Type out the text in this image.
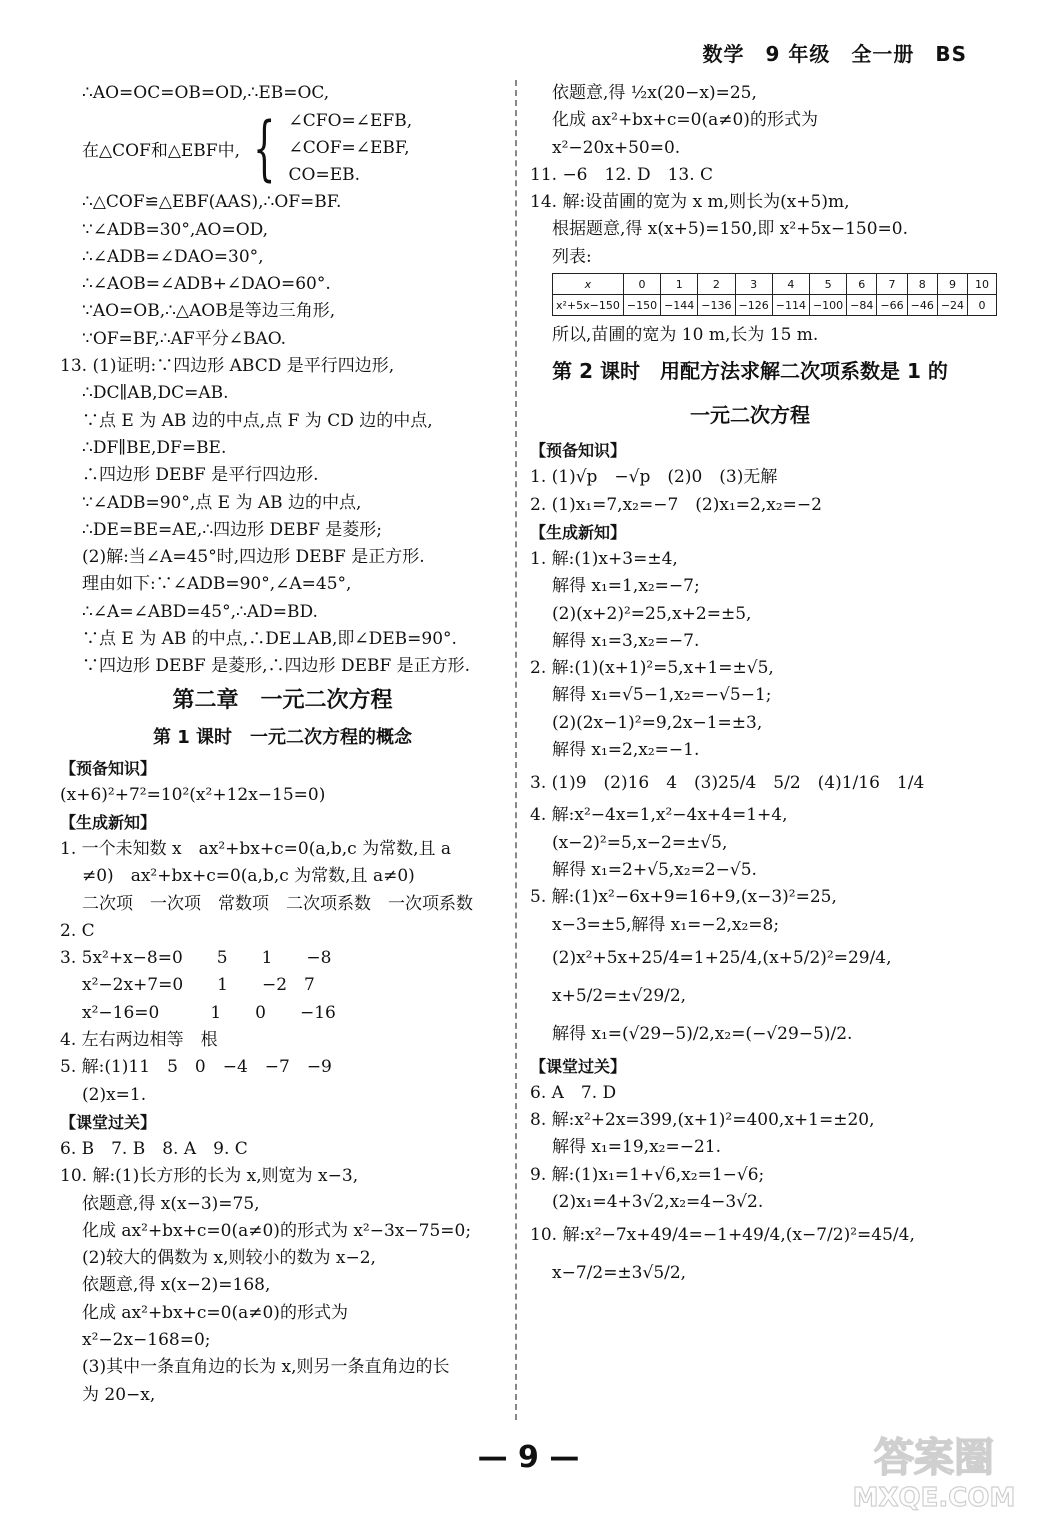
数学　9 年级　全一册　BS
∴AO=OC=OB=OD,∴EB=OC,
在△COF和△EBF中, { ∠CFO=∠EFB,
∠COF=∠EBF,
CO=EB.
∴△COF≌△EBF(AAS),∴OF=BF.
∵∠ADB=30°,AO=OD,
∴∠ADB=∠DAO=30°,
∴∠AOB=∠ADB+∠DAO=60°.
∵AO=OB,∴△AOB是等边三角形,
∵OF=BF,∴AF平分∠BAO.
13. (1)证明:∵四边形 ABCD 是平行四边形,
∴DC∥AB,DC=AB.
∵点 E 为 AB 边的中点,点 F 为 CD 边的中点,
∴DF∥BE,DF=BE.
∴四边形 DEBF 是平行四边形.
∵∠ADB=90°,点 E 为 AB 边的中点,
∴DE=BE=AE,∴四边形 DEBF 是菱形;
(2)解:当∠A=45°时,四边形 DEBF 是正方形.
理由如下:∵∠ADB=90°,∠A=45°,
∴∠A=∠ABD=45°,∴AD=BD.
∵点 E 为 AB 的中点,∴DE⊥AB,即∠DEB=90°.
∵四边形 DEBF 是菱形,∴四边形 DEBF 是正方形.
第二章　一元二次方程
第 1 课时　一元二次方程的概念
【预备知识】
(x+6)²+7²=10²(x²+12x−15=0)
【生成新知】
1. 一个未知数 x　ax²+bx+c=0(a,b,c 为常数,且 a
≠0)　ax²+bx+c=0(a,b,c 为常数,且 a≠0)
二次项　一次项　常数项　二次项系数　一次项系数
2. C
3. 5x²+x−8=0　　5　　1　　−8
x²−2x+7=0　　1　　−2　7
x²−16=0　　　1　　0　　−16
4. 左右两边相等　根
5. 解:(1)11　5　0　−4　−7　−9
(2)x=1.
【课堂过关】
6. B　7. B　8. A　9. C
10. 解:(1)长方形的长为 x,则宽为 x−3,
依题意,得 x(x−3)=75,
化成 ax²+bx+c=0(a≠0)的形式为 x²−3x−75=0;
(2)较大的偶数为 x,则较小的数为 x−2,
依题意,得 x(x−2)=168,
化成 ax²+bx+c=0(a≠0)的形式为
x²−2x−168=0;
(3)其中一条直角边的长为 x,则另一条直角边的长
为 20−x,
依题意,得 ½x(20−x)=25,
化成 ax²+bx+c=0(a≠0)的形式为
x²−20x+50=0.
11. −6　12. D　13. C
14. 解:设苗圃的宽为 x m,则长为(x+5)m,
根据题意,得 x(x+5)=150,即 x²+5x−150=0.
列表:
x	0	1	2	3	4	5	6	7	8	9	10
x²+5x−150	−150	−144	−136	−126	−114	−100	−84	−66	−46	−24	0
所以,苗圃的宽为 10 m,长为 15 m.
第 2 课时　用配方法求解二次项系数是 1 的
一元二次方程
【预备知识】
1. (1)√p　−√p　(2)0　(3)无解
2. (1)x₁=7,x₂=−7　(2)x₁=2,x₂=−2
【生成新知】
1. 解:(1)x+3=±4,
解得 x₁=1,x₂=−7;
(2)(x+2)²=25,x+2=±5,
解得 x₁=3,x₂=−7.
2. 解:(1)(x+1)²=5,x+1=±√5,
解得 x₁=√5−1,x₂=−√5−1;
(2)(2x−1)²=9,2x−1=±3,
解得 x₁=2,x₂=−1.
3. (1)9　(2)16　4　(3)25/4　5/2　(4)1/16　1/4
4. 解:x²−4x=1,x²−4x+4=1+4,
(x−2)²=5,x−2=±√5,
解得 x₁=2+√5,x₂=2−√5.
5. 解:(1)x²−6x+9=16+9,(x−3)²=25,
x−3=±5,解得 x₁=−2,x₂=8;
(2)x²+5x+25/4=1+25/4,(x+5/2)²=29/4,
x+5/2=±√29/2,
解得 x₁=(√29−5)/2,x₂=(−√29−5)/2.
【课堂过关】
6. A　7. D
8. 解:x²+2x=399,(x+1)²=400,x+1=±20,
解得 x₁=19,x₂=−21.
9. 解:(1)x₁=1+√6,x₂=1−√6;
(2)x₁=4+3√2,x₂=4−3√2.
10. 解:x²−7x+49/4=−1+49/4,(x−7/2)²=45/4,
x−7/2=±3√5/2,
— 9 —	答案圈
MXQE.COM
